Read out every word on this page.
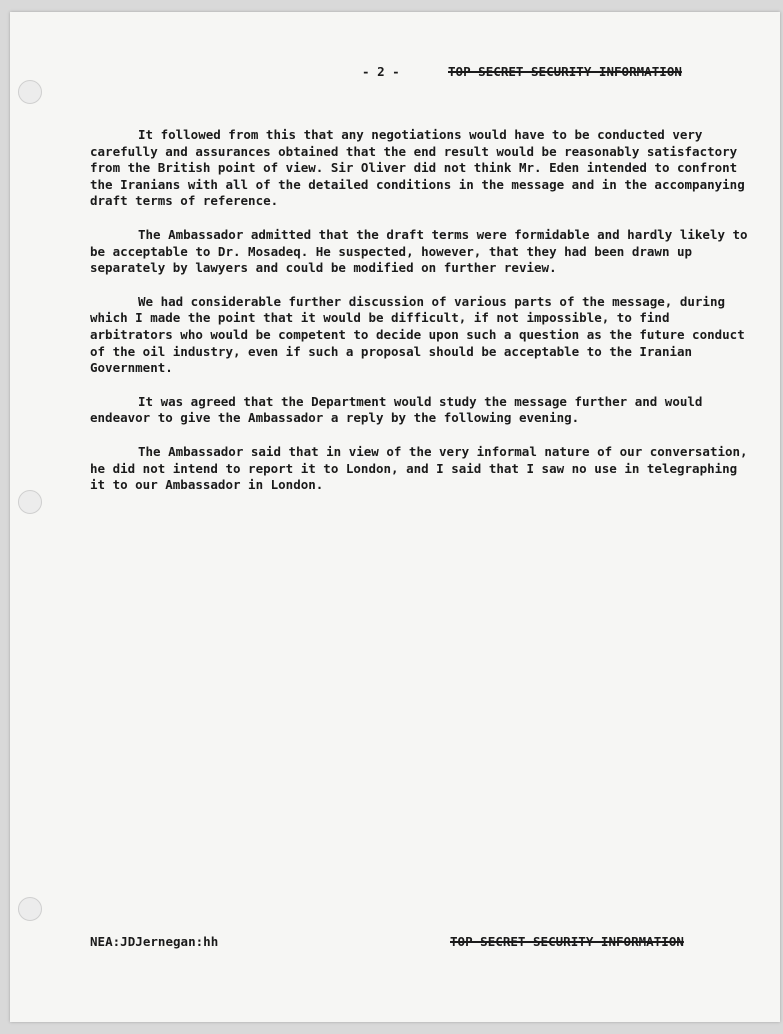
- 2 -	TOP SECRET SECURITY INFORMATION

It followed from this that any negotiations would have to be conducted very carefully and assurances obtained that the end result would be reasonably satisfactory from the British point of view. Sir Oliver did not think Mr. Eden intended to confront the Iranians with all of the detailed conditions in the message and in the accompanying draft terms of reference.

The Ambassador admitted that the draft terms were formidable and hardly likely to be acceptable to Dr. Mosadeq. He suspected, however, that they had been drawn up separately by lawyers and could be modified on further review.

We had considerable further discussion of various parts of the message, during which I made the point that it would be difficult, if not impossible, to find arbitrators who would be competent to decide upon such a question as the future conduct of the oil industry, even if such a proposal should be acceptable to the Iranian Government.

It was agreed that the Department would study the message further and would endeavor to give the Ambassador a reply by the following evening.

The Ambassador said that in view of the very informal nature of our conversation, he did not intend to report it to London, and I said that I saw no use in telegraphing it to our Ambassador in London.

NEA:JDJernegan:hh	TOP SECRET SECURITY INFORMATION
